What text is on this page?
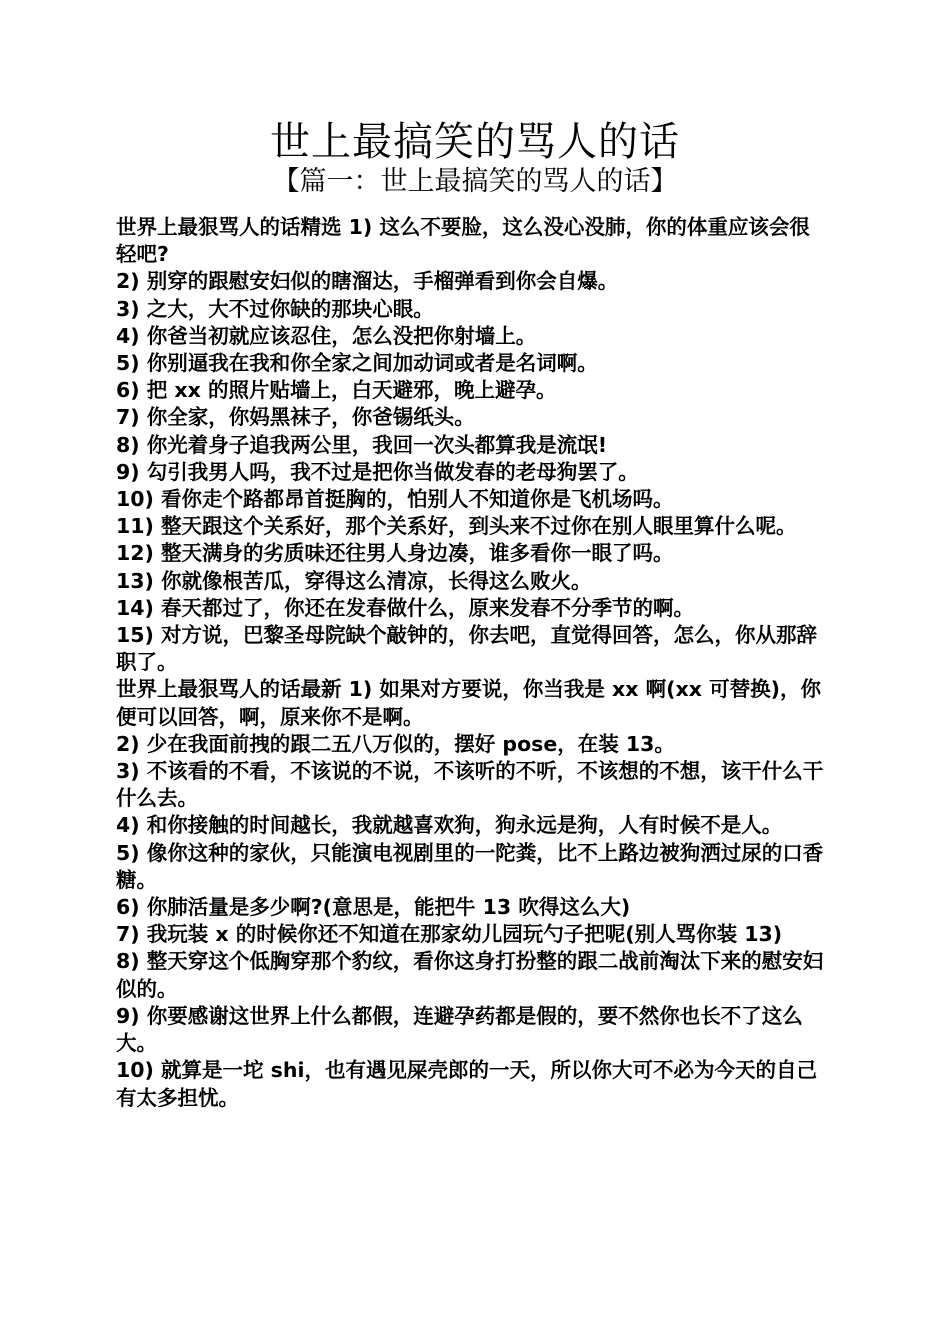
世上最搞笑的骂人的话
【篇一：世上最搞笑的骂人的话】
世界上最狠骂人的话精选 1) 这么不要脸，这么没心没肺，你的体重应该会很轻吧?
2) 别穿的跟慰安妇似的瞎溜达，手榴弹看到你会自爆。
3) 之大，大不过你缺的那块心眼。
4) 你爸当初就应该忍住，怎么没把你射墙上。
5) 你别逼我在我和你全家之间加动词或者是名词啊。
6) 把 xx 的照片贴墙上，白天避邪，晚上避孕。
7) 你全家，你妈黑袜子，你爸锡纸头。
8) 你光着身子追我两公里，我回一次头都算我是流氓!
9) 勾引我男人吗，我不过是把你当做发春的老母狗罢了。
10) 看你走个路都昂首挺胸的，怕别人不知道你是飞机场吗。
11) 整天跟这个关系好，那个关系好，到头来不过你在别人眼里算什么呢。
12) 整天满身的劣质味还往男人身边凑，谁多看你一眼了吗。
13) 你就像根苦瓜，穿得这么清凉，长得这么败火。
14) 春天都过了，你还在发春做什么，原来发春不分季节的啊。
15) 对方说，巴黎圣母院缺个敲钟的，你去吧，直觉得回答，怎么，你从那辞职了。
世界上最狠骂人的话最新 1) 如果对方要说，你当我是 xx 啊(xx 可替换)，你便可以回答，啊，原来你不是啊。
2) 少在我面前拽的跟二五八万似的，摆好 pose，在装 13。
3) 不该看的不看，不该说的不说，不该听的不听，不该想的不想，该干什么干什么去。
4) 和你接触的时间越长，我就越喜欢狗，狗永远是狗，人有时候不是人。
5) 像你这种的家伙，只能演电视剧里的一陀粪，比不上路边被狗洒过尿的口香糖。
6) 你肺活量是多少啊?(意思是，能把牛 13 吹得这么大)
7) 我玩装 x 的时候你还不知道在那家幼儿园玩勺子把呢(别人骂你装 13)
8) 整天穿这个低胸穿那个豹纹，看你这身打扮整的跟二战前淘汰下来的慰安妇似的。
9) 你要感谢这世界上什么都假，连避孕药都是假的，要不然你也长不了这么大。
10) 就算是一坨 shi，也有遇见屎壳郎的一天，所以你大可不必为今天的自己有太多担忧。
